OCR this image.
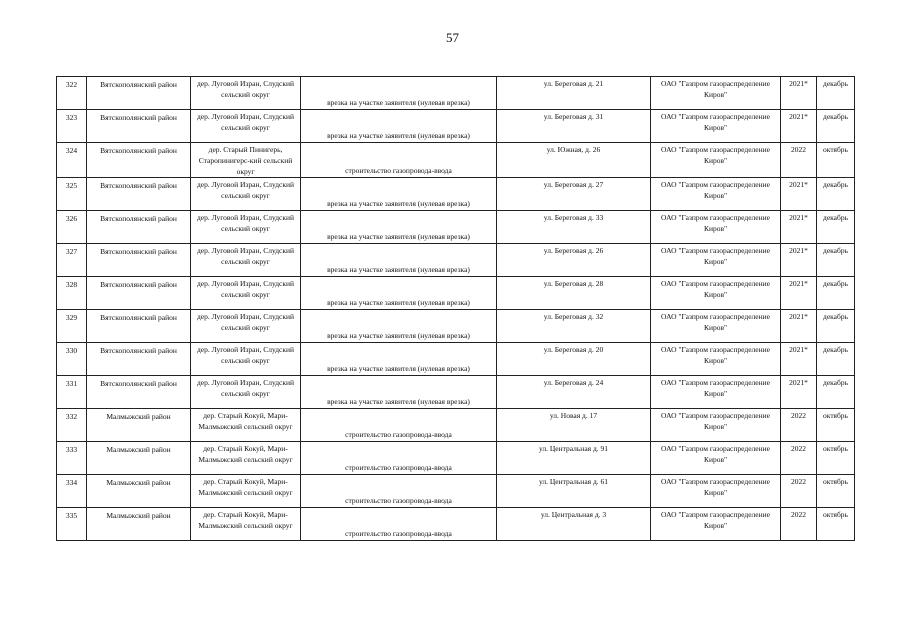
57
322	Вятскополянский район	дер. Луговой Изран, Слудский сельский округ	врезка на участке заявителя (нулевая врезка)	ул. Береговая д. 21	ОАО "Газпром газораспределение Киров"	2021*	декабрь
323	Вятскополянский район	дер. Луговой Изран, Слудский сельский округ	врезка на участке заявителя (нулевая врезка)	ул. Береговая д. 31	ОАО "Газпром газораспределение Киров"	2021*	декабрь
324	Вятскополянский район	дер. Старый Пинигерь, Старопинигерс-кий сельский округ	строительство газопровода-ввода	ул. Южная, д. 26	ОАО "Газпром газораспределение Киров"	2022	октябрь
325	Вятскополянский район	дер. Луговой Изран, Слудский сельский округ	врезка на участке заявителя (нулевая врезка)	ул. Береговая д. 27	ОАО "Газпром газораспределение Киров"	2021*	декабрь
326	Вятскополянский район	дер. Луговой Изран, Слудский сельский округ	врезка на участке заявителя (нулевая врезка)	ул. Береговая д. 33	ОАО "Газпром газораспределение Киров"	2021*	декабрь
327	Вятскополянский район	дер. Луговой Изран, Слудский сельский округ	врезка на участке заявителя (нулевая врезка)	ул. Береговая д. 26	ОАО "Газпром газораспределение Киров"	2021*	декабрь
328	Вятскополянский район	дер. Луговой Изран, Слудский сельский округ	врезка на участке заявителя (нулевая врезка)	ул. Береговая д. 28	ОАО "Газпром газораспределение Киров"	2021*	декабрь
329	Вятскополянский район	дер. Луговой Изран, Слудский сельский округ	врезка на участке заявителя (нулевая врезка)	ул. Береговая д. 32	ОАО "Газпром газораспределение Киров"	2021*	декабрь
330	Вятскополянский район	дер. Луговой Изран, Слудский сельский округ	врезка на участке заявителя (нулевая врезка)	ул. Береговая д. 20	ОАО "Газпром газораспределение Киров"	2021*	декабрь
331	Вятскополянский район	дер. Луговой Изран, Слудский сельский округ	врезка на участке заявителя (нулевая врезка)	ул. Береговая д. 24	ОАО "Газпром газораспределение Киров"	2021*	декабрь
332	Малмыжский район	дер. Старый Кокуй, Мари-Малмыжский сельский округ	строительство газопровода-ввода	ул. Новая д. 17	ОАО "Газпром газораспределение Киров"	2022	октябрь
333	Малмыжский район	дер. Старый Кокуй, Мари-Малмыжский сельский округ	строительство газопровода-ввода	ул. Центральная д. 91	ОАО "Газпром газораспределение Киров"	2022	октябрь
334	Малмыжский район	дер. Старый Кокуй, Мари-Малмыжский сельский округ	строительство газопровода-ввода	ул. Центральная д. 61	ОАО "Газпром газораспределение Киров"	2022	октябрь
335	Малмыжский район	дер. Старый Кокуй, Мари-Малмыжский сельский округ	строительство газопровода-ввода	ул. Центральная д. 3	ОАО "Газпром газораспределение Киров"	2022	октябрь
